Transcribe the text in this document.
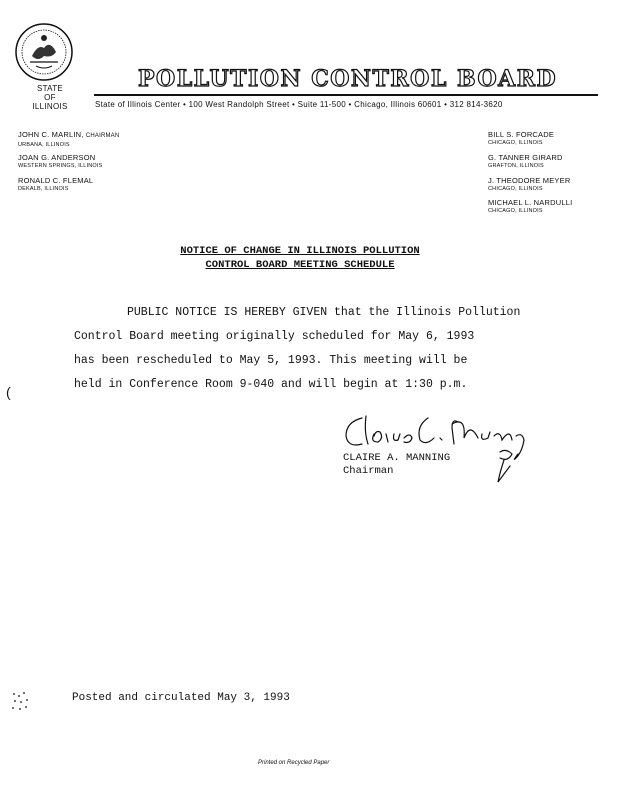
STATE
OF
ILLINOIS
POLLUTION CONTROL BOARD
State of Illinois Center • 100 West Randolph Street • Suite 11-500 • Chicago, Illinois 60601 • 312 814-3620
JOHN C. MARLIN, CHAIRMAN
URBANA, ILLINOIS
JOAN G. ANDERSON
WESTERN SPRINGS, ILLINOIS
RONALD C. FLEMAL
DEKALB, ILLINOIS
BILL S. FORCADE
CHICAGO, ILLINOIS
G. TANNER GIRARD
GRAFTON, ILLINOIS
J. THEODORE MEYER
CHICAGO, ILLINOIS
MICHAEL L. NARDULLI
CHICAGO, ILLINOIS
NOTICE OF CHANGE IN ILLINOIS POLLUTION
CONTROL BOARD MEETING SCHEDULE
PUBLIC NOTICE IS HEREBY GIVEN that the Illinois Pollution
Control Board meeting originally scheduled for May 6, 1993
has been rescheduled to May 5, 1993. This meeting will be
held in Conference Room 9-040 and will begin at 1:30 p.m.
CLAIRE A. MANNING
Chairman
Posted and circulated May 3, 1993
Printed on Recycled Paper
(
